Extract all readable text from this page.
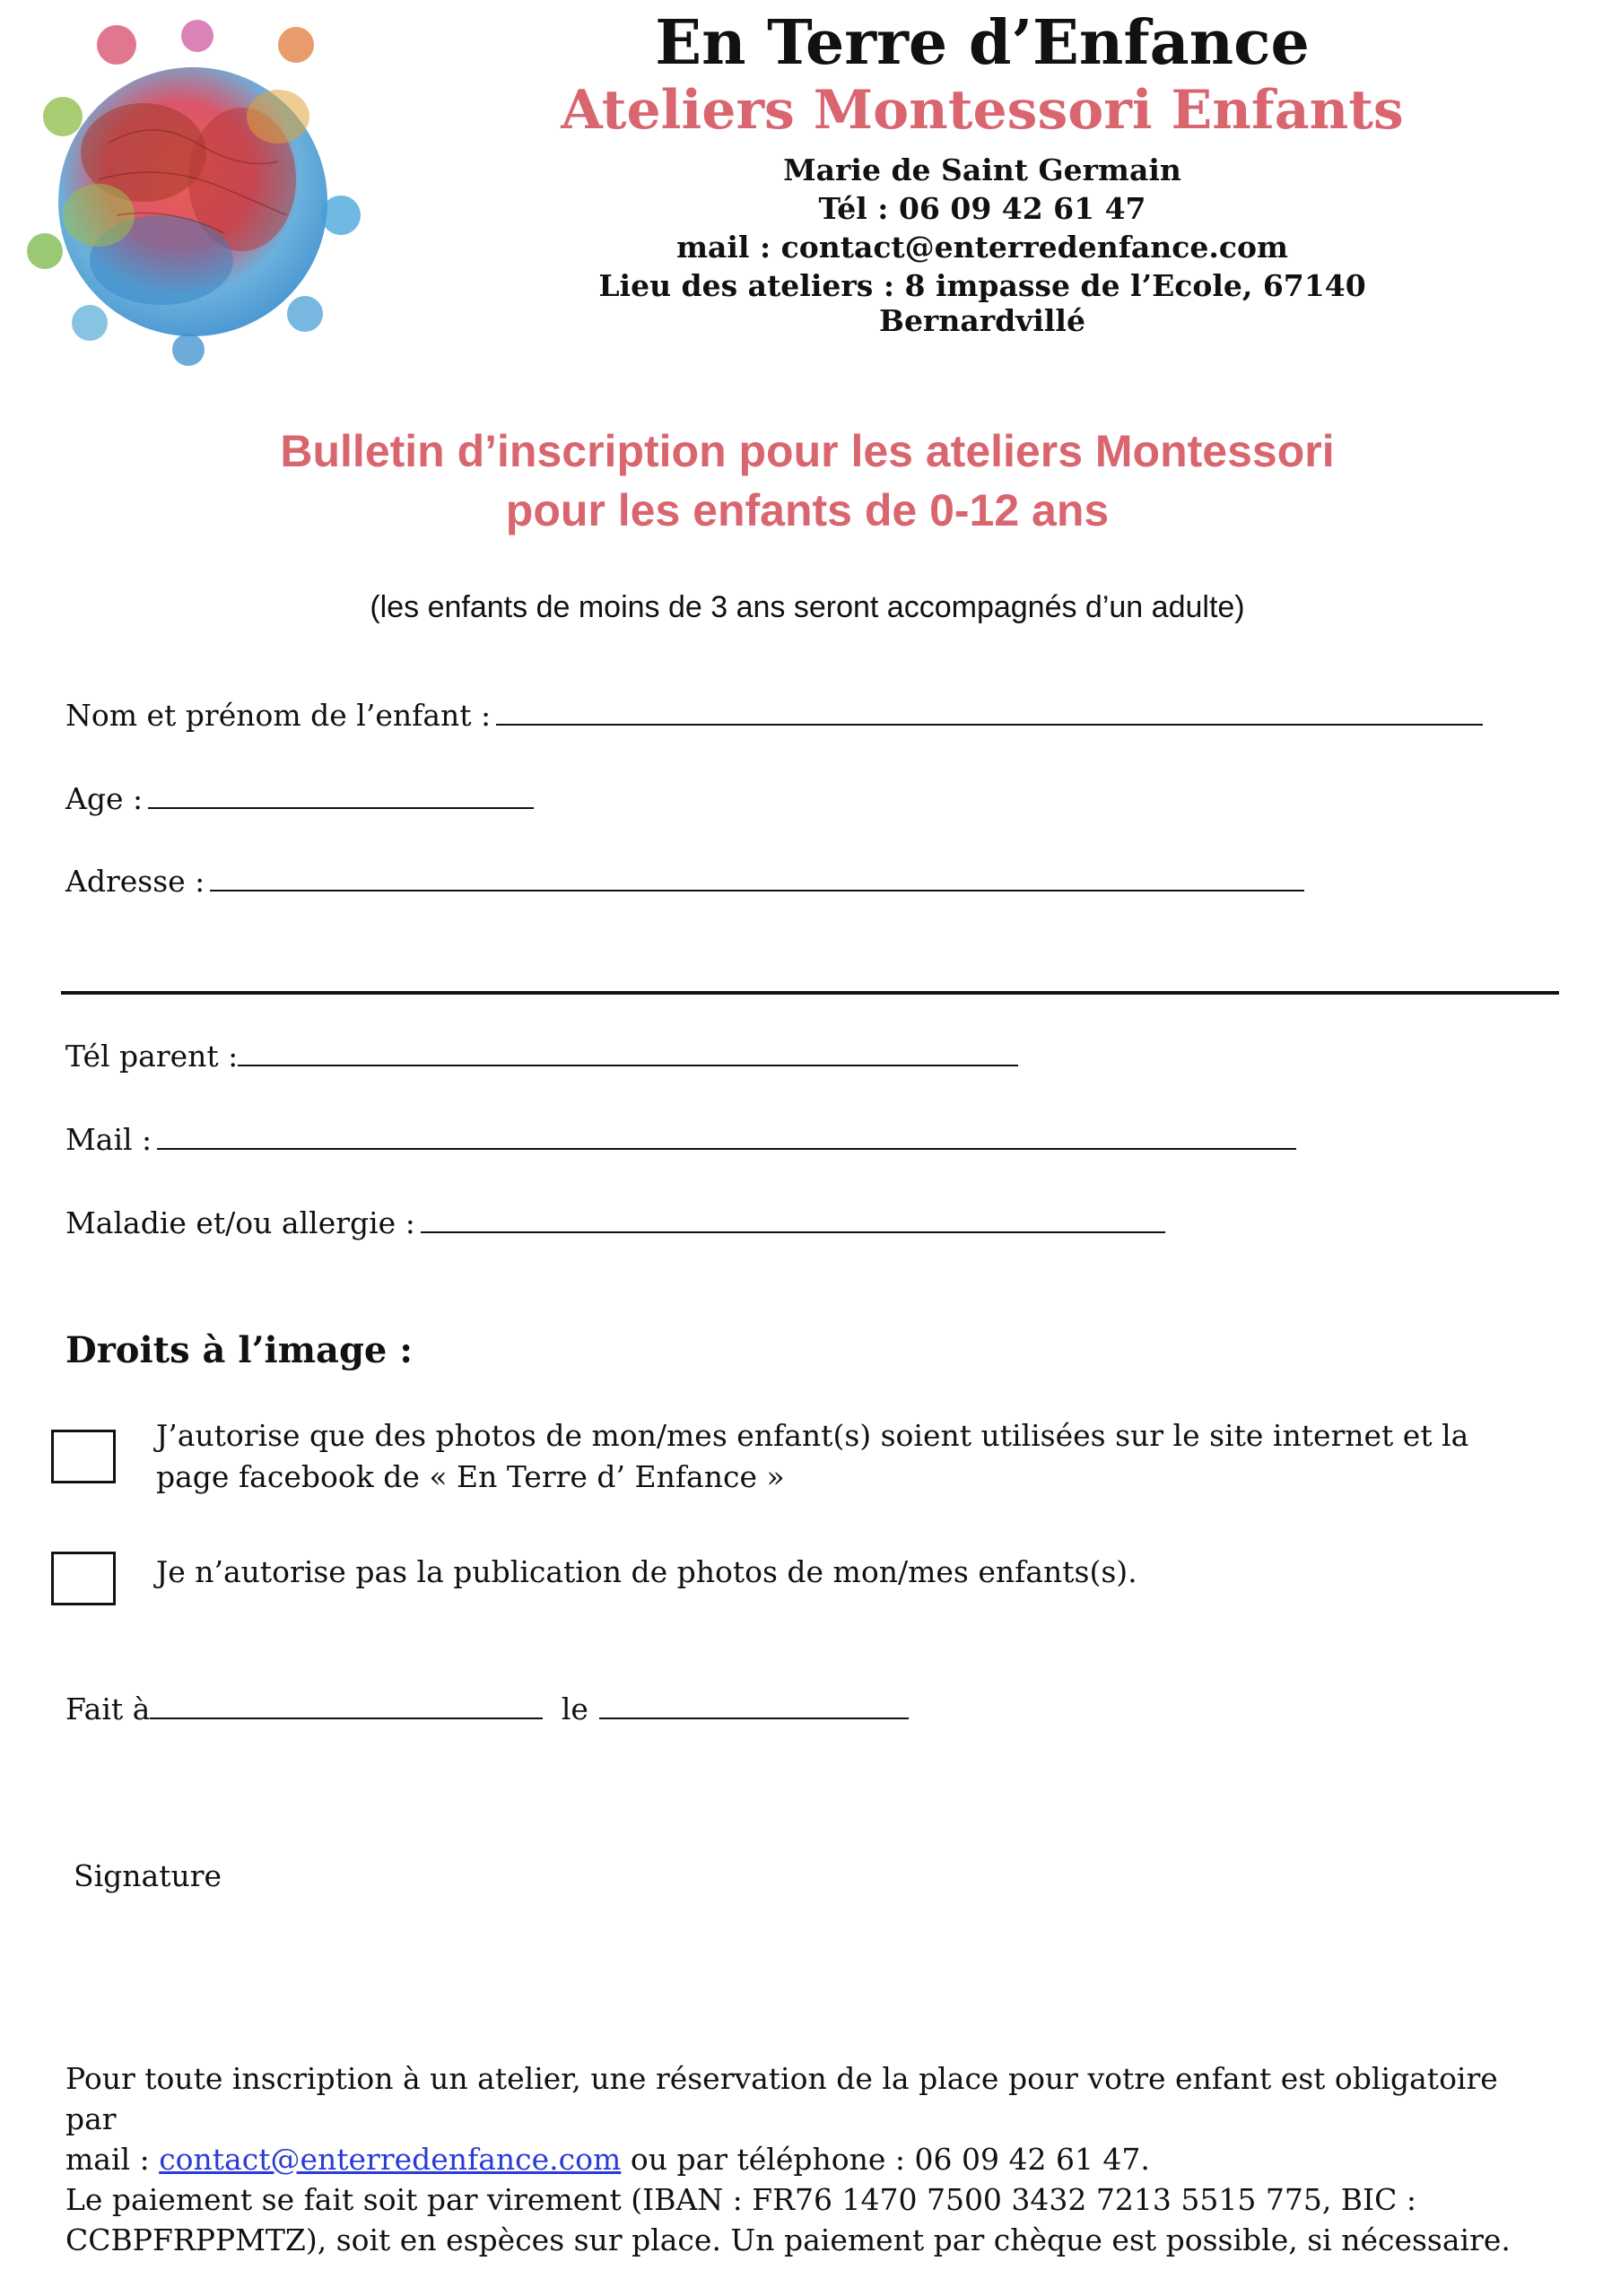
En Terre d’Enfance
Ateliers Montessori Enfants
Marie de Saint Germain
Tél : 06 09 42 61 47
mail : contact@enterredenfance.com
Lieu des ateliers : 8 impasse de l’Ecole, 67140 Bernardvillé
Bulletin d’inscription pour les ateliers Montessori
pour les enfants de 0-12 ans
(les enfants de moins de 3 ans seront accompagnés d’un adulte)
Nom et prénom de l’enfant :
Age :
Adresse :
Tél parent :
Mail :
Maladie et/ou allergie :
Droits à l’image :
J’autorise que des photos de mon/mes enfant(s) soient utilisées sur le site internet et la page facebook de « En Terre d’ Enfance »
Je n’autorise pas la publication de photos de mon/mes enfants(s).
Fait à	le
Signature
Pour toute inscription à un atelier, une réservation de la place pour votre enfant est obligatoire par
mail : contact@enterredenfance.com ou par téléphone : 06 09 42 61 47.
Le paiement se fait soit par virement (IBAN : FR76 1470 7500 3432 7213 5515 775, BIC : CCBPFRPPMTZ), soit en espèces sur place. Un paiement par chèque est possible, si nécessaire.
